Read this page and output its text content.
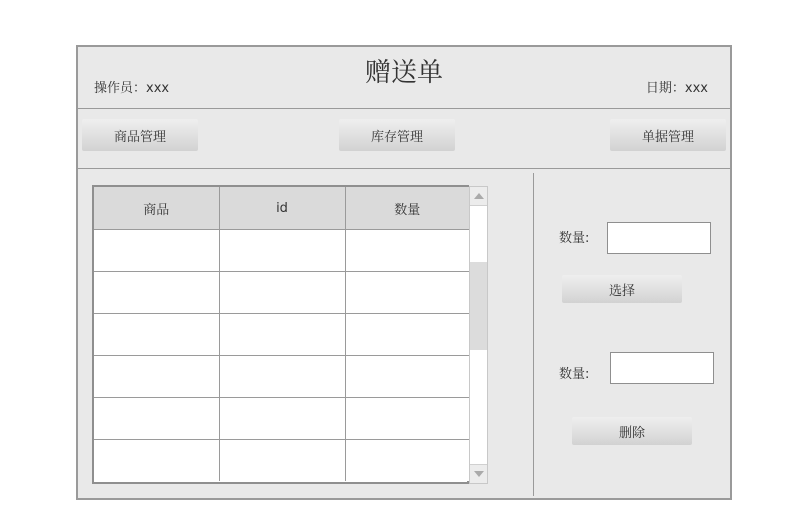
赠送单
操作员：xxx	日期：xxx
商品管理	库存管理	单据管理
商品	id	数量

数量:
选择
数量:
删除
